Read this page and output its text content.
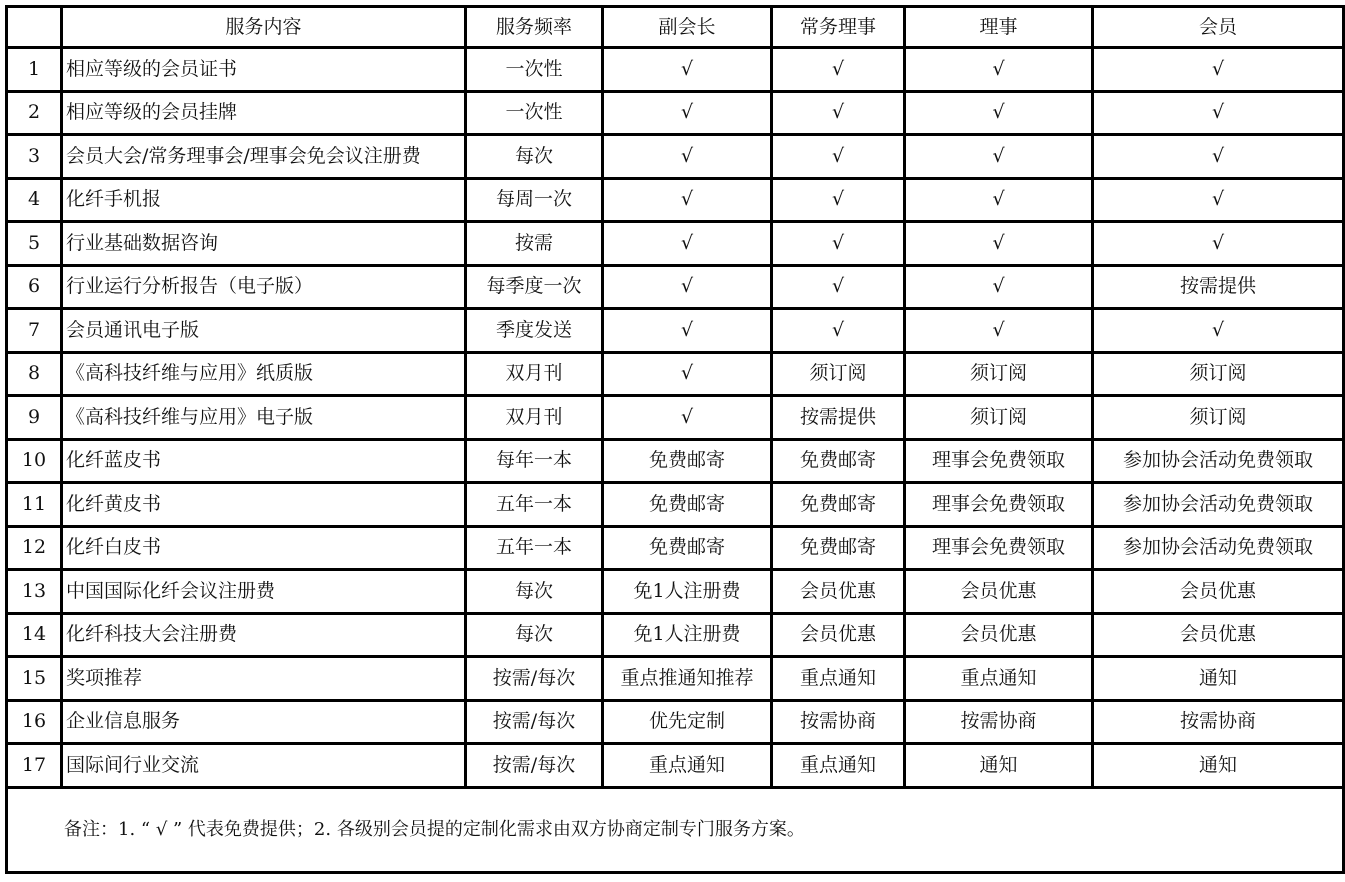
	服务内容	服务频率	副会长	常务理事	理事	会员
1	相应等级的会员证书	一次性	√	√	√	√
2	相应等级的会员挂牌	一次性	√	√	√	√
3	会员大会/常务理事会/理事会免会议注册费	每次	√	√	√	√
4	化纤手机报	每周一次	√	√	√	√
5	行业基础数据咨询	按需	√	√	√	√
6	行业运行分析报告（电子版）	每季度一次	√	√	√	按需提供
7	会员通讯电子版	季度发送	√	√	√	√
8	《高科技纤维与应用》纸质版	双月刊	√	须订阅	须订阅	须订阅
9	《高科技纤维与应用》电子版	双月刊	√	按需提供	须订阅	须订阅
10	化纤蓝皮书	每年一本	免费邮寄	免费邮寄	理事会免费领取	参加协会活动免费领取
11	化纤黄皮书	五年一本	免费邮寄	免费邮寄	理事会免费领取	参加协会活动免费领取
12	化纤白皮书	五年一本	免费邮寄	免费邮寄	理事会免费领取	参加协会活动免费领取
13	中国国际化纤会议注册费	每次	免1人注册费	会员优惠	会员优惠	会员优惠
14	化纤科技大会注册费	每次	免1人注册费	会员优惠	会员优惠	会员优惠
15	奖项推荐	按需/每次	重点推通知推荐	重点通知	重点通知	通知
16	企业信息服务	按需/每次	优先定制	按需协商	按需协商	按需协商
17	国际间行业交流	按需/每次	重点通知	重点通知	通知	通知
备注：1. “ √ ” 代表免费提供；2. 各级别会员提的定制化需求由双方协商定制专门服务方案。						
